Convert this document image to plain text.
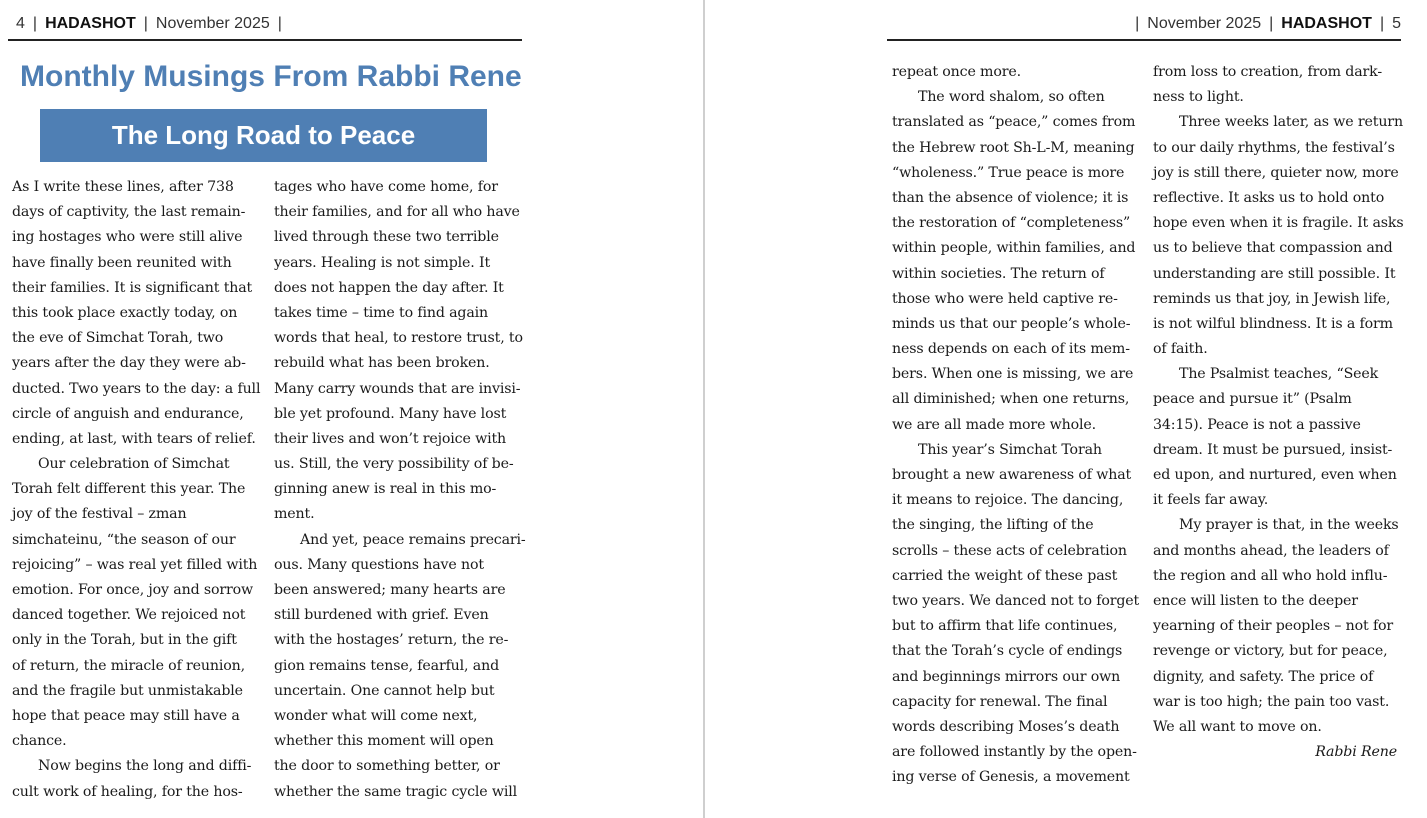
4 | HADASHOT | November 2025 |
Monthly Musings From Rabbi Rene
The Long Road to Peace
As I write these lines, after 738
days of captivity, the last remain-
ing hostages who were still alive
have finally been reunited with
their families. It is significant that
this took place exactly today, on
the eve of Simchat Torah, two
years after the day they were ab-
ducted. Two years to the day: a full
circle of anguish and endurance,
ending, at last, with tears of relief.
Our celebration of Simchat
Torah felt different this year. The
joy of the festival – zman
simchateinu, “the season of our
rejoicing” – was real yet filled with
emotion. For once, joy and sorrow
danced together. We rejoiced not
only in the Torah, but in the gift
of return, the miracle of reunion,
and the fragile but unmistakable
hope that peace may still have a
chance.
Now begins the long and diffi-
cult work of healing, for the hos-
tages who have come home, for
their families, and for all who have
lived through these two terrible
years. Healing is not simple. It
does not happen the day after. It
takes time – time to find again
words that heal, to restore trust, to
rebuild what has been broken.
Many carry wounds that are invisi-
ble yet profound. Many have lost
their lives and won’t rejoice with
us. Still, the very possibility of be-
ginning anew is real in this mo-
ment.
And yet, peace remains precari-
ous. Many questions have not
been answered; many hearts are
still burdened with grief. Even
with the hostages’ return, the re-
gion remains tense, fearful, and
uncertain. One cannot help but
wonder what will come next,
whether this moment will open
the door to something better, or
whether the same tragic cycle will
| November 2025 | HADASHOT | 5
repeat once more.
The word shalom, so often
translated as “peace,” comes from
the Hebrew root Sh-L-M, meaning
“wholeness.” True peace is more
than the absence of violence; it is
the restoration of “completeness”
within people, within families, and
within societies. The return of
those who were held captive re-
minds us that our people’s whole-
ness depends on each of its mem-
bers. When one is missing, we are
all diminished; when one returns,
we are all made more whole.
This year’s Simchat Torah
brought a new awareness of what
it means to rejoice. The dancing,
the singing, the lifting of the
scrolls – these acts of celebration
carried the weight of these past
two years. We danced not to forget
but to affirm that life continues,
that the Torah’s cycle of endings
and beginnings mirrors our own
capacity for renewal. The final
words describing Moses’s death
are followed instantly by the open-
ing verse of Genesis, a movement
from loss to creation, from dark-
ness to light.
Three weeks later, as we return
to our daily rhythms, the festival’s
joy is still there, quieter now, more
reflective. It asks us to hold onto
hope even when it is fragile. It asks
us to believe that compassion and
understanding are still possible. It
reminds us that joy, in Jewish life,
is not wilful blindness. It is a form
of faith.
The Psalmist teaches, “Seek
peace and pursue it” (Psalm
34:15). Peace is not a passive
dream. It must be pursued, insist-
ed upon, and nurtured, even when
it feels far away.
My prayer is that, in the weeks
and months ahead, the leaders of
the region and all who hold influ-
ence will listen to the deeper
yearning of their peoples – not for
revenge or victory, but for peace,
dignity, and safety. The price of
war is too high; the pain too vast.
We all want to move on.
Rabbi Rene
